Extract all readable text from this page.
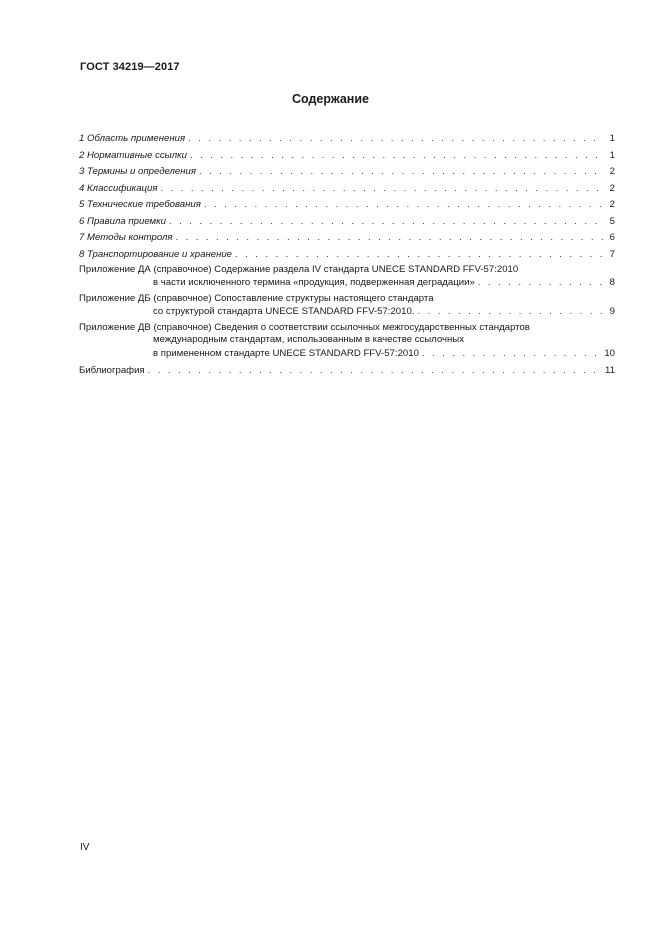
ГОСТ 34219—2017
Содержание
1 Область применения . . .	1
2 Нормативные ссылки . . .	1
3 Термины и определения . . .	2
4 Классификация . . .	2
5 Технические требования . . .	2
6 Правила приемки . . .	5
7 Методы контроля . . .	6
8 Транспортирование и хранение . . .	7
Приложение ДА (справочное) Содержание раздела IV стандарта UNECE STANDARD FFV-57:2010
в части исключенного термина «продукция, подверженная деградации» . . .	8
Приложение ДБ (справочное) Сопоставление структуры настоящего стандарта
со структурой стандарта UNECE STANDARD FFV-57:2010. . . .	9
Приложение ДВ (справочное) Сведения о соответствии ссылочных межгосударственных стандартов
международным стандартам, использованным в качестве ссылочных
в примененном стандарте UNECE STANDARD FFV-57:2010 . . .	10
Библиография . . .	11
IV
